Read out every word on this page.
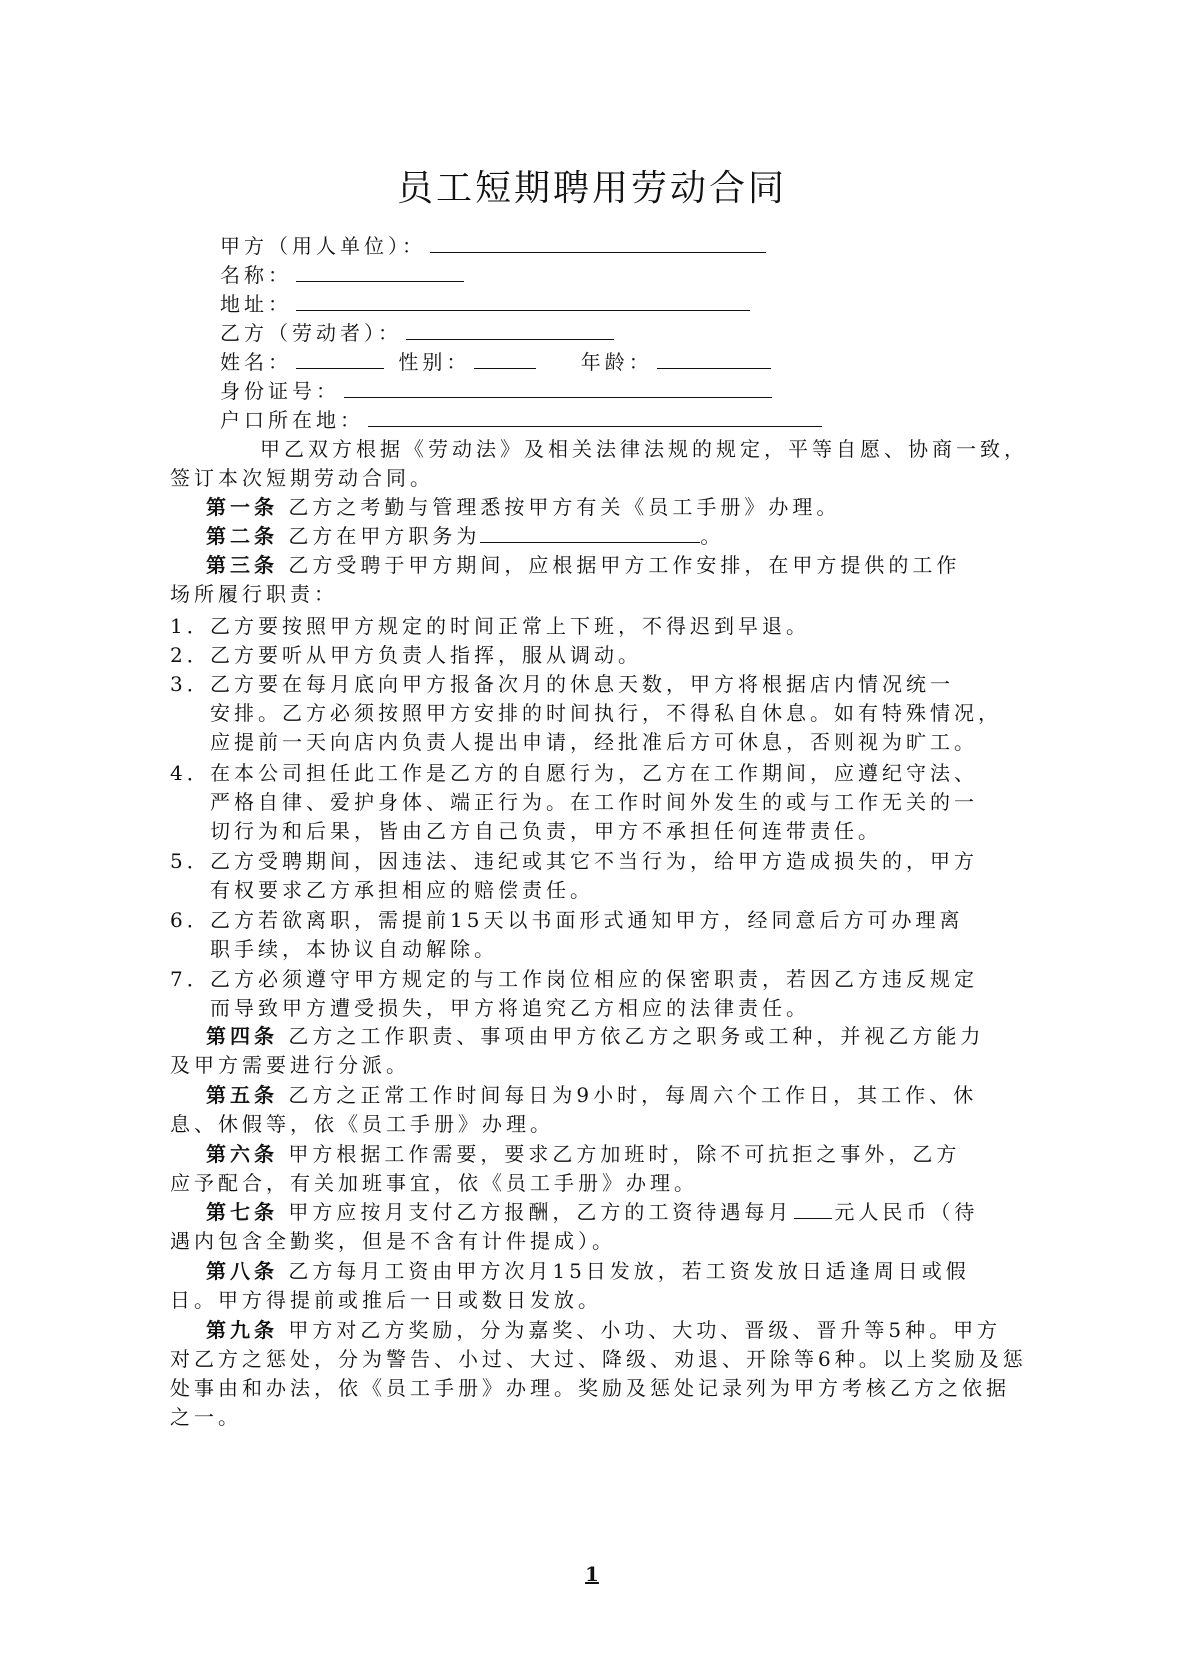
员工短期聘用劳动合同
甲方（用人单位）：
名称：
地址：
乙方（劳动者）：
姓名：	性别：	年龄：
身份证号：
户口所在地：
甲乙双方根据《劳动法》及相关法律法规的规定，平等自愿、协商一致，
签订本次短期劳动合同。
第一条 乙方之考勤与管理悉按甲方有关《员工手册》办理。
第二条 乙方在甲方职务为	。
第三条 乙方受聘于甲方期间，应根据甲方工作安排，在甲方提供的工作
场所履行职责：
1． 乙方要按照甲方规定的时间正常上下班，不得迟到早退。
2． 乙方要听从甲方负责人指挥，服从调动。
3． 乙方要在每月底向甲方报备次月的休息天数，甲方将根据店内情况统一
安排。乙方必须按照甲方安排的时间执行，不得私自休息。如有特殊情况，
应提前一天向店内负责人提出申请，经批准后方可休息，否则视为旷工。
4． 在本公司担任此工作是乙方的自愿行为，乙方在工作期间，应遵纪守法、
严格自律、爱护身体、端正行为。在工作时间外发生的或与工作无关的一
切行为和后果，皆由乙方自己负责，甲方不承担任何连带责任。
5． 乙方受聘期间，因违法、违纪或其它不当行为，给甲方造成损失的，甲方
有权要求乙方承担相应的赔偿责任。
6． 乙方若欲离职，需提前15天以书面形式通知甲方，经同意后方可办理离
职手续，本协议自动解除。
7． 乙方必须遵守甲方规定的与工作岗位相应的保密职责，若因乙方违反规定
而导致甲方遭受损失，甲方将追究乙方相应的法律责任。
第四条 乙方之工作职责、事项由甲方依乙方之职务或工种，并视乙方能力
及甲方需要进行分派。
第五条 乙方之正常工作时间每日为9小时，每周六个工作日，其工作、休
息、休假等，依《员工手册》办理。
第六条 甲方根据工作需要，要求乙方加班时，除不可抗拒之事外，乙方
应予配合，有关加班事宜，依《员工手册》办理。
第七条 甲方应按月支付乙方报酬，乙方的工资待遇每月 元人民币（待
遇内包含全勤奖，但是不含有计件提成）。
第八条 乙方每月工资由甲方次月15日发放，若工资发放日适逢周日或假
日。甲方得提前或推后一日或数日发放。
第九条 甲方对乙方奖励，分为嘉奖、小功、大功、晋级、晋升等5种。甲方
对乙方之惩处，分为警告、小过、大过、降级、劝退、开除等6种。以上奖励及惩
处事由和办法，依《员工手册》办理。奖励及惩处记录列为甲方考核乙方之依据
之一。
1
